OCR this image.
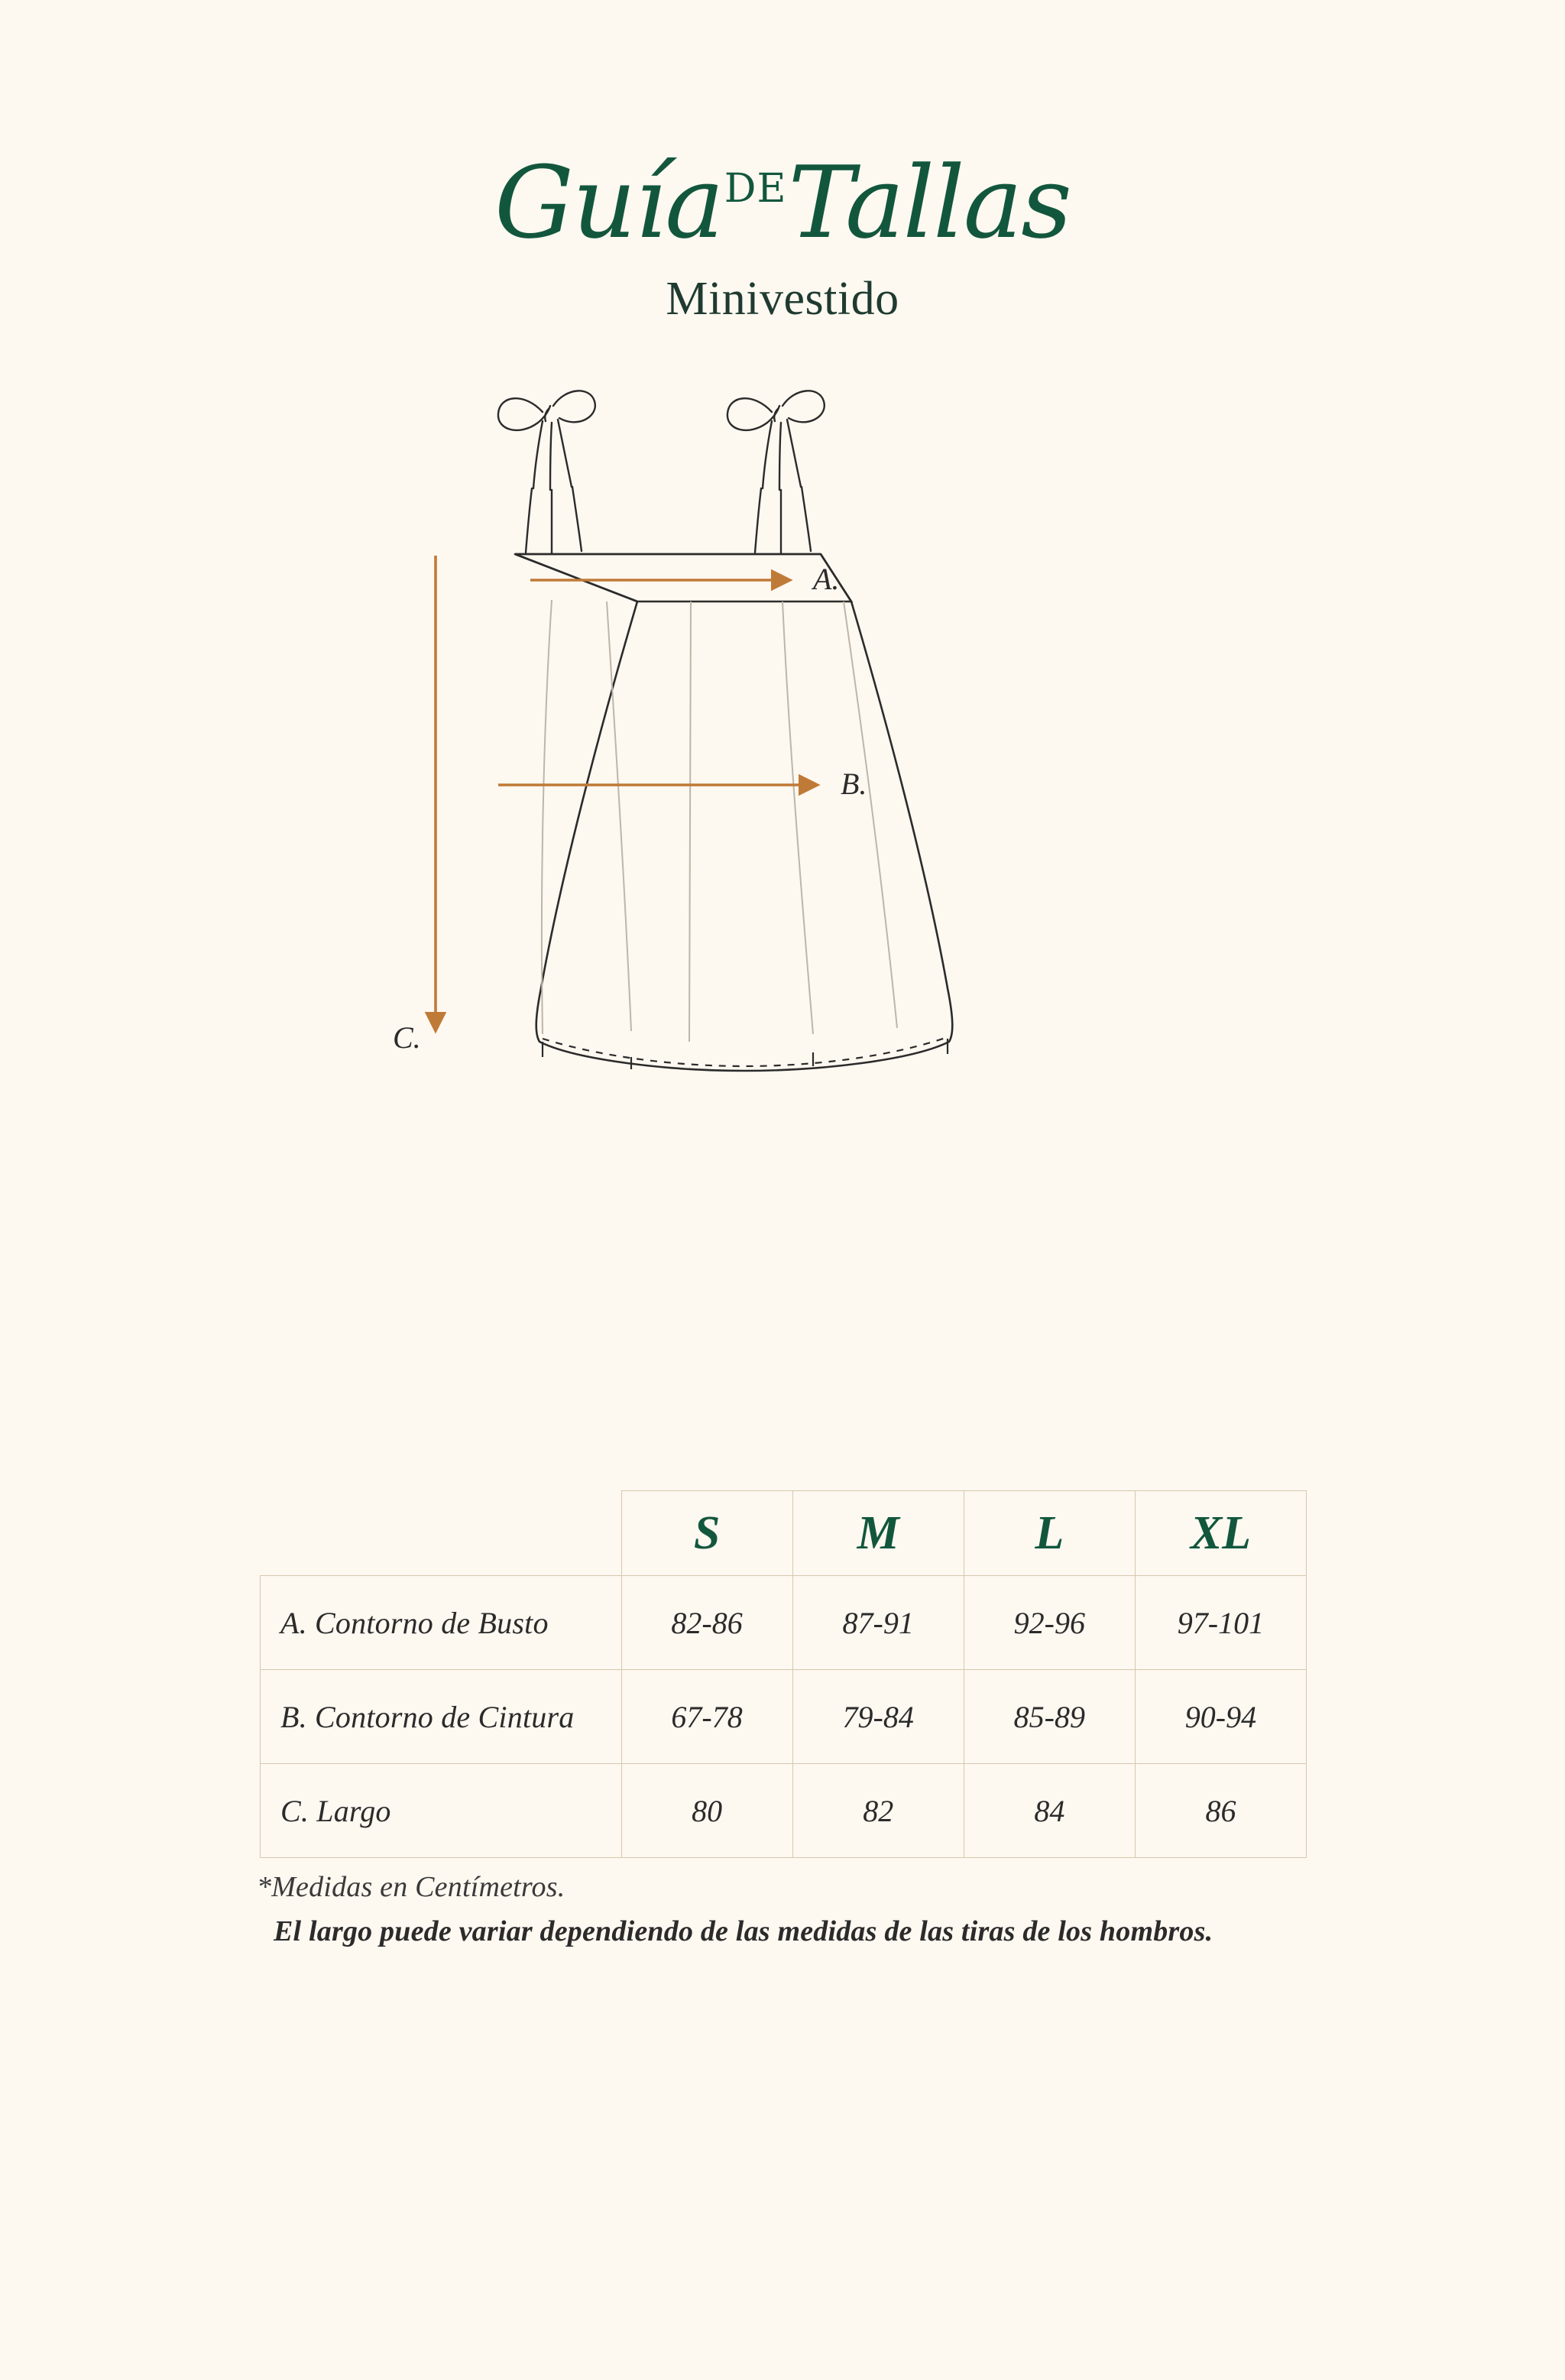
Guía DE Tallas
Minivestido
A.
B.
C.
	S	M	L	XL
A. Contorno de Busto	82-86	87-91	92-96	97-101
B. Contorno de Cintura	67-78	79-84	85-89	90-94
C. Largo	80	82	84	86
*Medidas en Centímetros.
El largo puede variar dependiendo de las medidas de las tiras de los hombros.
